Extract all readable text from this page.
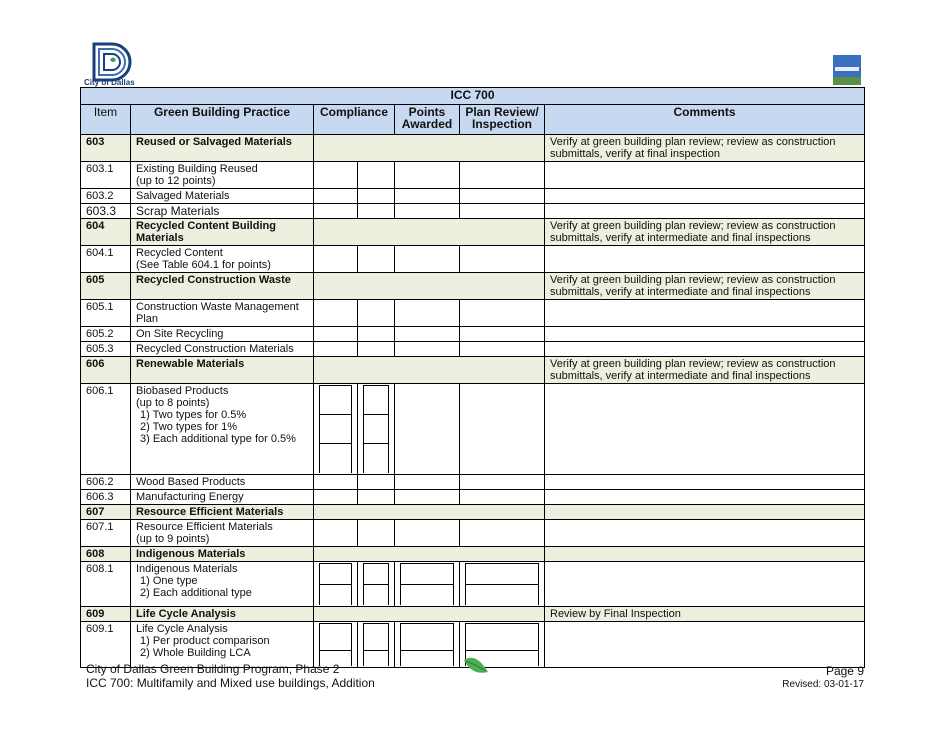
City of Dallas
ICC 700
Item	Green Building Practice	Compliance	Points Awarded	Plan Review/ Inspection	Comments
603	Reused or Salvaged Materials		Verify at green building plan review; review as construction submittals, verify at final inspection
603.1	Existing Building Reused
(up to 12 points)					
603.2	Salvaged Materials					
603.3	Scrap Materials					
604	Recycled Content Building Materials		Verify at green building plan review; review as construction submittals, verify at intermediate and final inspections
604.1	Recycled Content
(See Table 604.1 for points)					
605	Recycled Construction Waste		Verify at green building plan review; review as construction submittals, verify at intermediate and final inspections
605.1	Construction Waste Management Plan					
605.2	On Site Recycling					
605.3	Recycled Construction Materials					
606	Renewable Materials		Verify at green building plan review; review as construction submittals, verify at intermediate and final inspections
606.1	Biobased Products
(up to 8 points)

1) Two types for 0.5%
2) Two types for 1%
3) Each additional type for 0.5%

606.2	Wood Based Products					
606.3	Manufacturing Energy					
607	Resource Efficient Materials		
607.1	Resource Efficient Materials
(up to 9 points)					
608	Indigenous Materials		
608.1	Indigenous Materials

1) One type
2) Each additional type

609	Life Cycle Analysis		Review by Final Inspection
609.1	Life Cycle Analysis

1) Per product comparison
2) Whole Building LCA

City of Dallas Green Building Program, Phase 2
ICC 700: Multifamily and Mixed use buildings, Addition
Page 9
Revised: 03-01-17
